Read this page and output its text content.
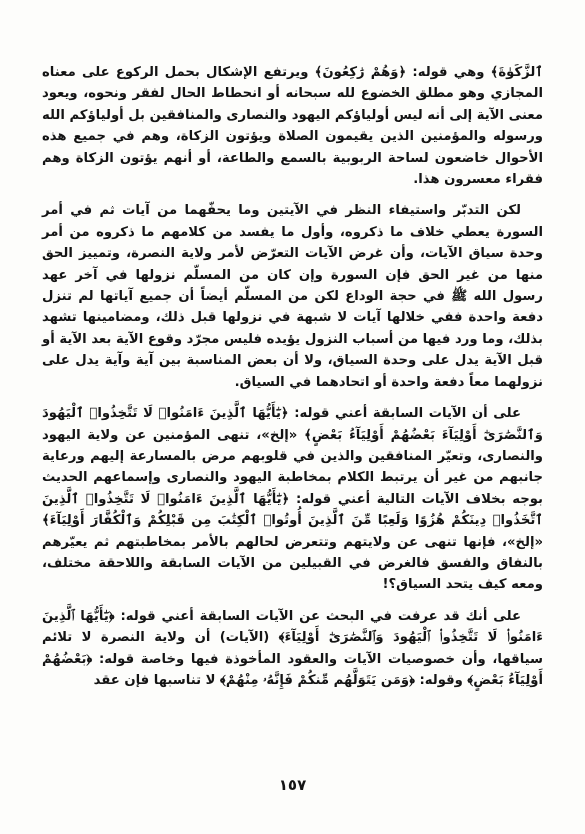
ٱلزَّكَوٰةَ﴾ وهي قوله: ﴿وَهُمْ رَٰكِعُونَ﴾ ويرتفع الإشكال بحمل الركوع على معناه المجازي وهو مطلق الخضوع لله سبحانه أو انحطاط الحال لفقر ونحوه، ويعود معنى الآية إلى أنه ليس أولياؤكم اليهود والنصارى والمنافقين بل أولياؤكم الله ورسوله والمؤمنين الذين يقيمون الصلاة ويؤتون الزكاة، وهم في جميع هذه الأحوال خاضعون لساحة الربوبية بالسمع والطاعة، أو أنهم يؤتون الزكاة وهم فقراء معسرون هذا.

لكن التدبّر واستيفاء النظر في الآيتين وما يحفّهما من آيات ثم في أمر السورة يعطي خلاف ما ذكروه، وأول ما يفسد من كلامهم ما ذكروه من أمر وحدة سياق الآيات، وأن غرض الآيات التعرّض لأمر ولاية النصرة، وتمييز الحق منها من غير الحق فإن السورة وإن كان من المسلّم نزولها في آخر عهد رسول الله ﷺ في حجة الوداع لكن من المسلّم أيضاً أن جميع آياتها لم تنزل دفعة واحدة ففي خلالها آيات لا شبهة في نزولها قبل ذلك، ومضامينها تشهد بذلك، وما ورد فيها من أسباب النزول يؤيده فليس مجرّد وقوع الآية بعد الآية أو قبل الآية يدل على وحدة السياق، ولا أن بعض المناسبة بين آية وآية يدل على نزولهما معاً دفعة واحدة أو اتحادهما في السياق.

على أن الآيات السابقة أعني قوله: ﴿يَٰٓأَيُّهَا ٱلَّذِينَ ءَامَنُوا۟ لَا تَتَّخِذُوا۟ ٱلْيَهُودَ وَٱلنَّصَٰرَىٰٓ أَوْلِيَآءَ بَعْضُهُمْ أَوْلِيَآءُ بَعْضٍ﴾ «إلخ»، تنهى المؤمنين عن ولاية اليهود والنصارى، وتعيّر المنافقين والذين في قلوبهم مرض بالمسارعة إليهم ورعاية جانبهم من غير أن يرتبط الكلام بمخاطبة اليهود والنصارى وإسماعهم الحديث بوجه بخلاف الآيات التالية أعني قوله: ﴿يَٰٓأَيُّهَا ٱلَّذِينَ ءَامَنُوا۟ لَا تَتَّخِذُوا۟ ٱلَّذِينَ ٱتَّخَذُوا۟ دِينَكُمْ هُزُوًا وَلَعِبًا مِّنَ ٱلَّذِينَ أُوتُوا۟ ٱلْكِتَٰبَ مِن قَبْلِكُمْ وَٱلْكُفَّارَ أَوْلِيَآءَ﴾ «إلخ»، فإنها تنهى عن ولايتهم وتتعرض لحالهم بالأمر بمخاطبتهم ثم يعيّرهم بالنفاق والفسق فالغرض في القبيلين من الآيات السابقة واللاحقة مختلف، ومعه كيف يتحد السياق؟!

على أنك قد عرفت في البحث عن الآيات السابقة أعني قوله: ﴿يَٰٓأَيُّهَا ٱلَّذِينَ ءَامَنُوا۟ لَا تَتَّخِذُوا۟ ٱلْيَهُودَ وَٱلنَّصَٰرَىٰٓ أَوْلِيَآءَ﴾ (الآيات) أن ولاية النصرة لا تلائم سياقها، وأن خصوصيات الآيات والعقود المأخوذة فيها وخاصة قوله: ﴿بَعْضُهُمْ أَوْلِيَآءُ بَعْضٍ﴾ وقوله: ﴿وَمَن يَتَوَلَّهُم مِّنكُمْ فَإِنَّهُۥ مِنْهُمْ﴾ لا تناسبها فإن عقد

١٥٧
